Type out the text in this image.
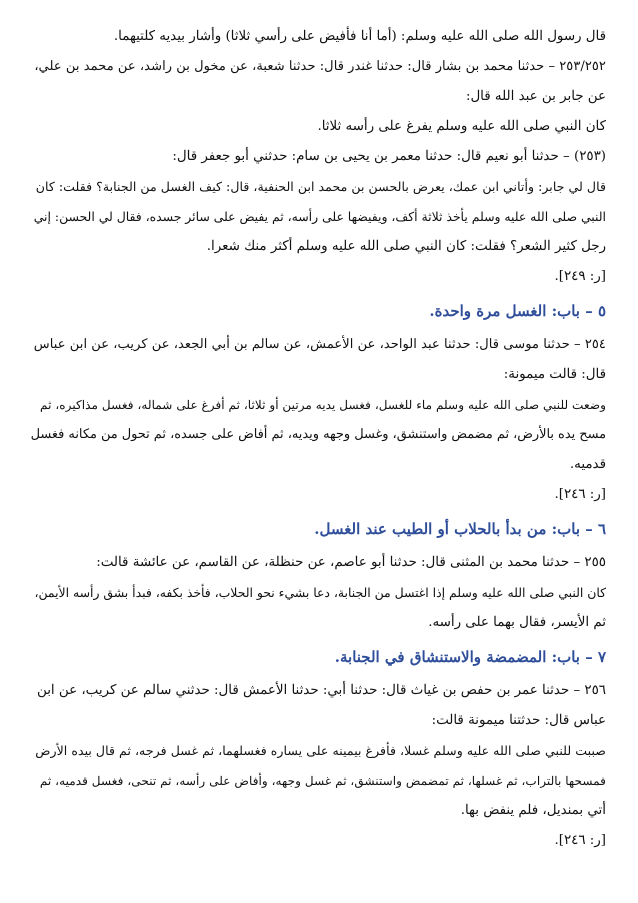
قال رسول الله صلى الله عليه وسلم: (أما أنا فأفيض على رأسي ثلاثا) وأشار بيديه كلتيهما.
٢٥٣/٢٥٢ – حدثنا محمد بن بشار قال: حدثنا غندر قال: حدثنا شعبة، عن مخول بن راشد، عن محمد بن علي،
عن جابر بن عبد الله قال:
كان النبي صلى الله عليه وسلم يفرغ على رأسه ثلاثا.
(٢٥٣) – حدثنا أبو نعيم قال: حدثنا معمر بن يحيى بن سام: حدثني أبو جعفر قال:
قال لي جابر: وأتاني ابن عمك، يعرض بالحسن بن محمد ابن الحنفية، قال: كيف الغسل من الجنابة؟ فقلت: كان
النبي صلى الله عليه وسلم يأخذ ثلاثة أكف، ويفيضها على رأسه، ثم يفيض على سائر جسده، فقال لي الحسن: إني
رجل كثير الشعر؟ فقلت: كان النبي صلى الله عليه وسلم أكثر منك شعرا.
[ر: ٢٤٩].
٥ – باب: الغسل مرة واحدة.
٢٥٤ – حدثنا موسى قال: حدثنا عبد الواحد، عن الأعمش، عن سالم بن أبي الجعد، عن كريب، عن ابن عباس
قال: قالت ميمونة:
وضعت للنبي صلى الله عليه وسلم ماء للغسل، فغسل يديه مرتين أو ثلاثا، ثم أفرغ على شماله، فغسل مذاكيره، ثم
مسح يده بالأرض، ثم مضمض واستنشق، وغسل وجهه ويديه، ثم أفاض على جسده، ثم تحول من مكانه فغسل
قدميه.
[ر: ٢٤٦].
٦ – باب: من بدأ بالحلاب أو الطيب عند الغسل.
٢٥٥ – حدثنا محمد بن المثنى قال: حدثنا أبو عاصم، عن حنظلة، عن القاسم، عن عائشة قالت:
كان النبي صلى الله عليه وسلم إذا اغتسل من الجنابة، دعا بشيء نحو الحلاب، فأخذ بكفه، فبدأ بشق رأسه الأيمن،
ثم الأيسر، فقال بهما على رأسه.
٧ – باب: المضمضة والاستنشاق في الجنابة.
٢٥٦ – حدثنا عمر بن حفص بن غياث قال: حدثنا أبي: حدثنا الأعمش قال: حدثني سالم عن كريب، عن ابن
عباس قال: حدثتنا ميمونة قالت:
صببت للنبي صلى الله عليه وسلم غسلا، فأفرغ بيمينه على يساره فغسلهما، ثم غسل فرجه، ثم قال بيده الأرض
فمسحها بالتراب، ثم غسلها، ثم تمضمض واستنشق، ثم غسل وجهه، وأفاض على رأسه، ثم تنحى، فغسل قدميه، ثم
أتي بمنديل، فلم ينفض بها.
[ر: ٢٤٦].
